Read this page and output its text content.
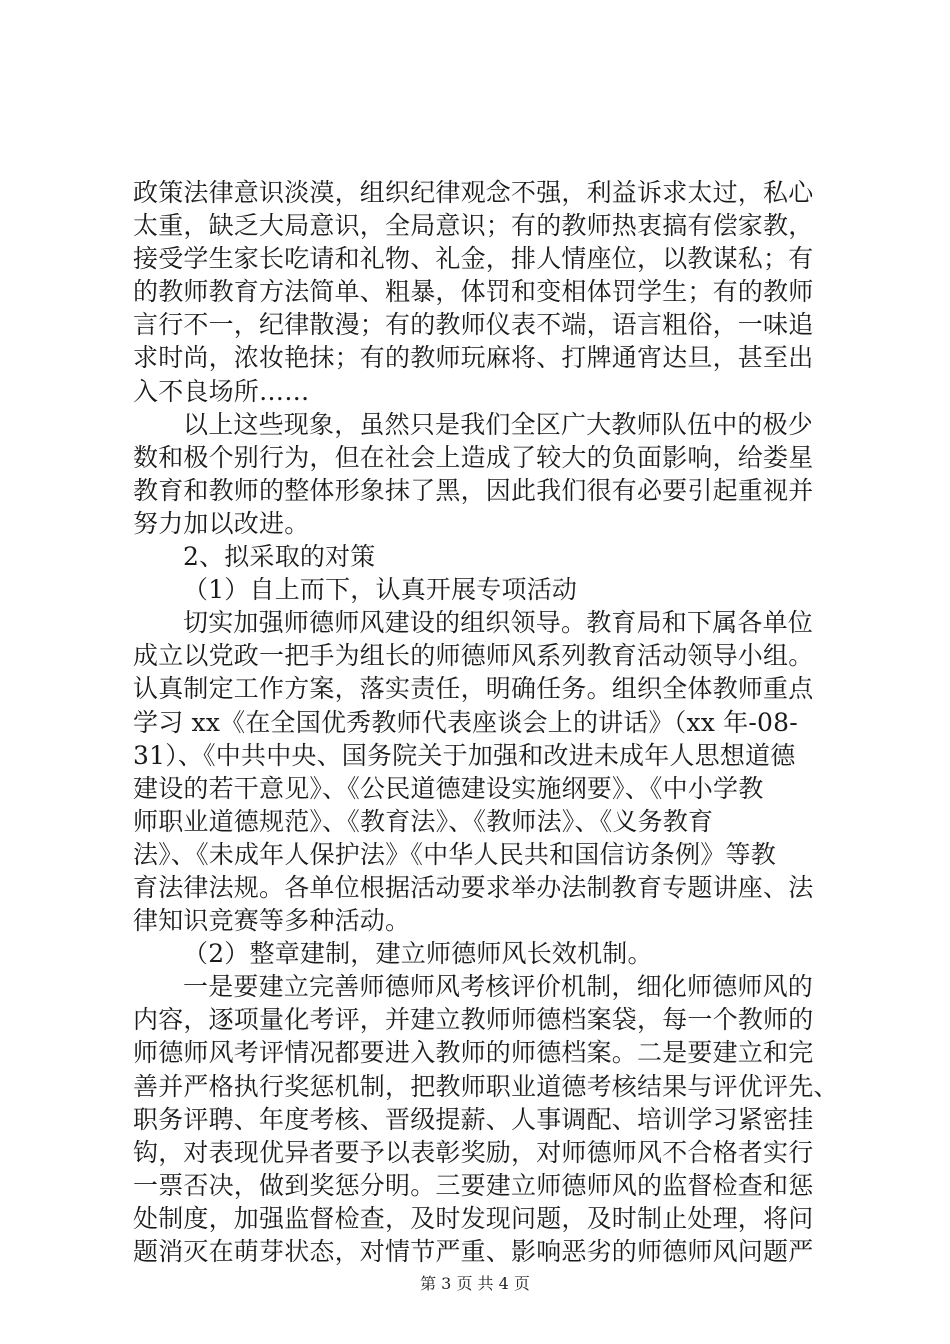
政策法律意识淡漠，组织纪律观念不强，利益诉求太过，私心
太重，缺乏大局意识，全局意识；有的教师热衷搞有偿家教，
接受学生家长吃请和礼物、礼金，排人情座位，以教谋私；有
的教师教育方法简单、粗暴，体罚和变相体罚学生；有的教师
言行不一，纪律散漫；有的教师仪表不端，语言粗俗，一味追
求时尚，浓妆艳抹；有的教师玩麻将、打牌通宵达旦，甚至出
入不良场所……
以上这些现象，虽然只是我们全区广大教师队伍中的极少
数和极个别行为，但在社会上造成了较大的负面影响，给娄星
教育和教师的整体形象抹了黑，因此我们很有必要引起重视并
努力加以改进。
2、拟采取的对策
（1）自上而下，认真开展专项活动
切实加强师德师风建设的组织领导。教育局和下属各单位
成立以党政一把手为组长的师德师风系列教育活动领导小组。
认真制定工作方案，落实责任，明确任务。组织全体教师重点
学习 xx《在全国优秀教师代表座谈会上的讲话》（xx 年-08-
31）、《中共中央、国务院关于加强和改进未成年人思想道德
建设的若干意见》、《公民道德建设实施纲要》、《中小学教
师职业道德规范》、《教育法》、《教师法》、《义务教育
法》、《未成年人保护法》《中华人民共和国信访条例》等教
育法律法规。各单位根据活动要求举办法制教育专题讲座、法
律知识竞赛等多种活动。
（2）整章建制，建立师德师风长效机制。
一是要建立完善师德师风考核评价机制，细化师德师风的
内容，逐项量化考评，并建立教师师德档案袋，每一个教师的
师德师风考评情况都要进入教师的师德档案。二是要建立和完
善并严格执行奖惩机制，把教师职业道德考核结果与评优评先、
职务评聘、年度考核、晋级提薪、人事调配、培训学习紧密挂
钩，对表现优异者要予以表彰奖励，对师德师风不合格者实行
一票否决，做到奖惩分明。三要建立师德师风的监督检查和惩
处制度，加强监督检查，及时发现问题，及时制止处理，将问
题消灭在萌芽状态，对情节严重、影响恶劣的师德师风问题严
第 3 页 共 4 页
